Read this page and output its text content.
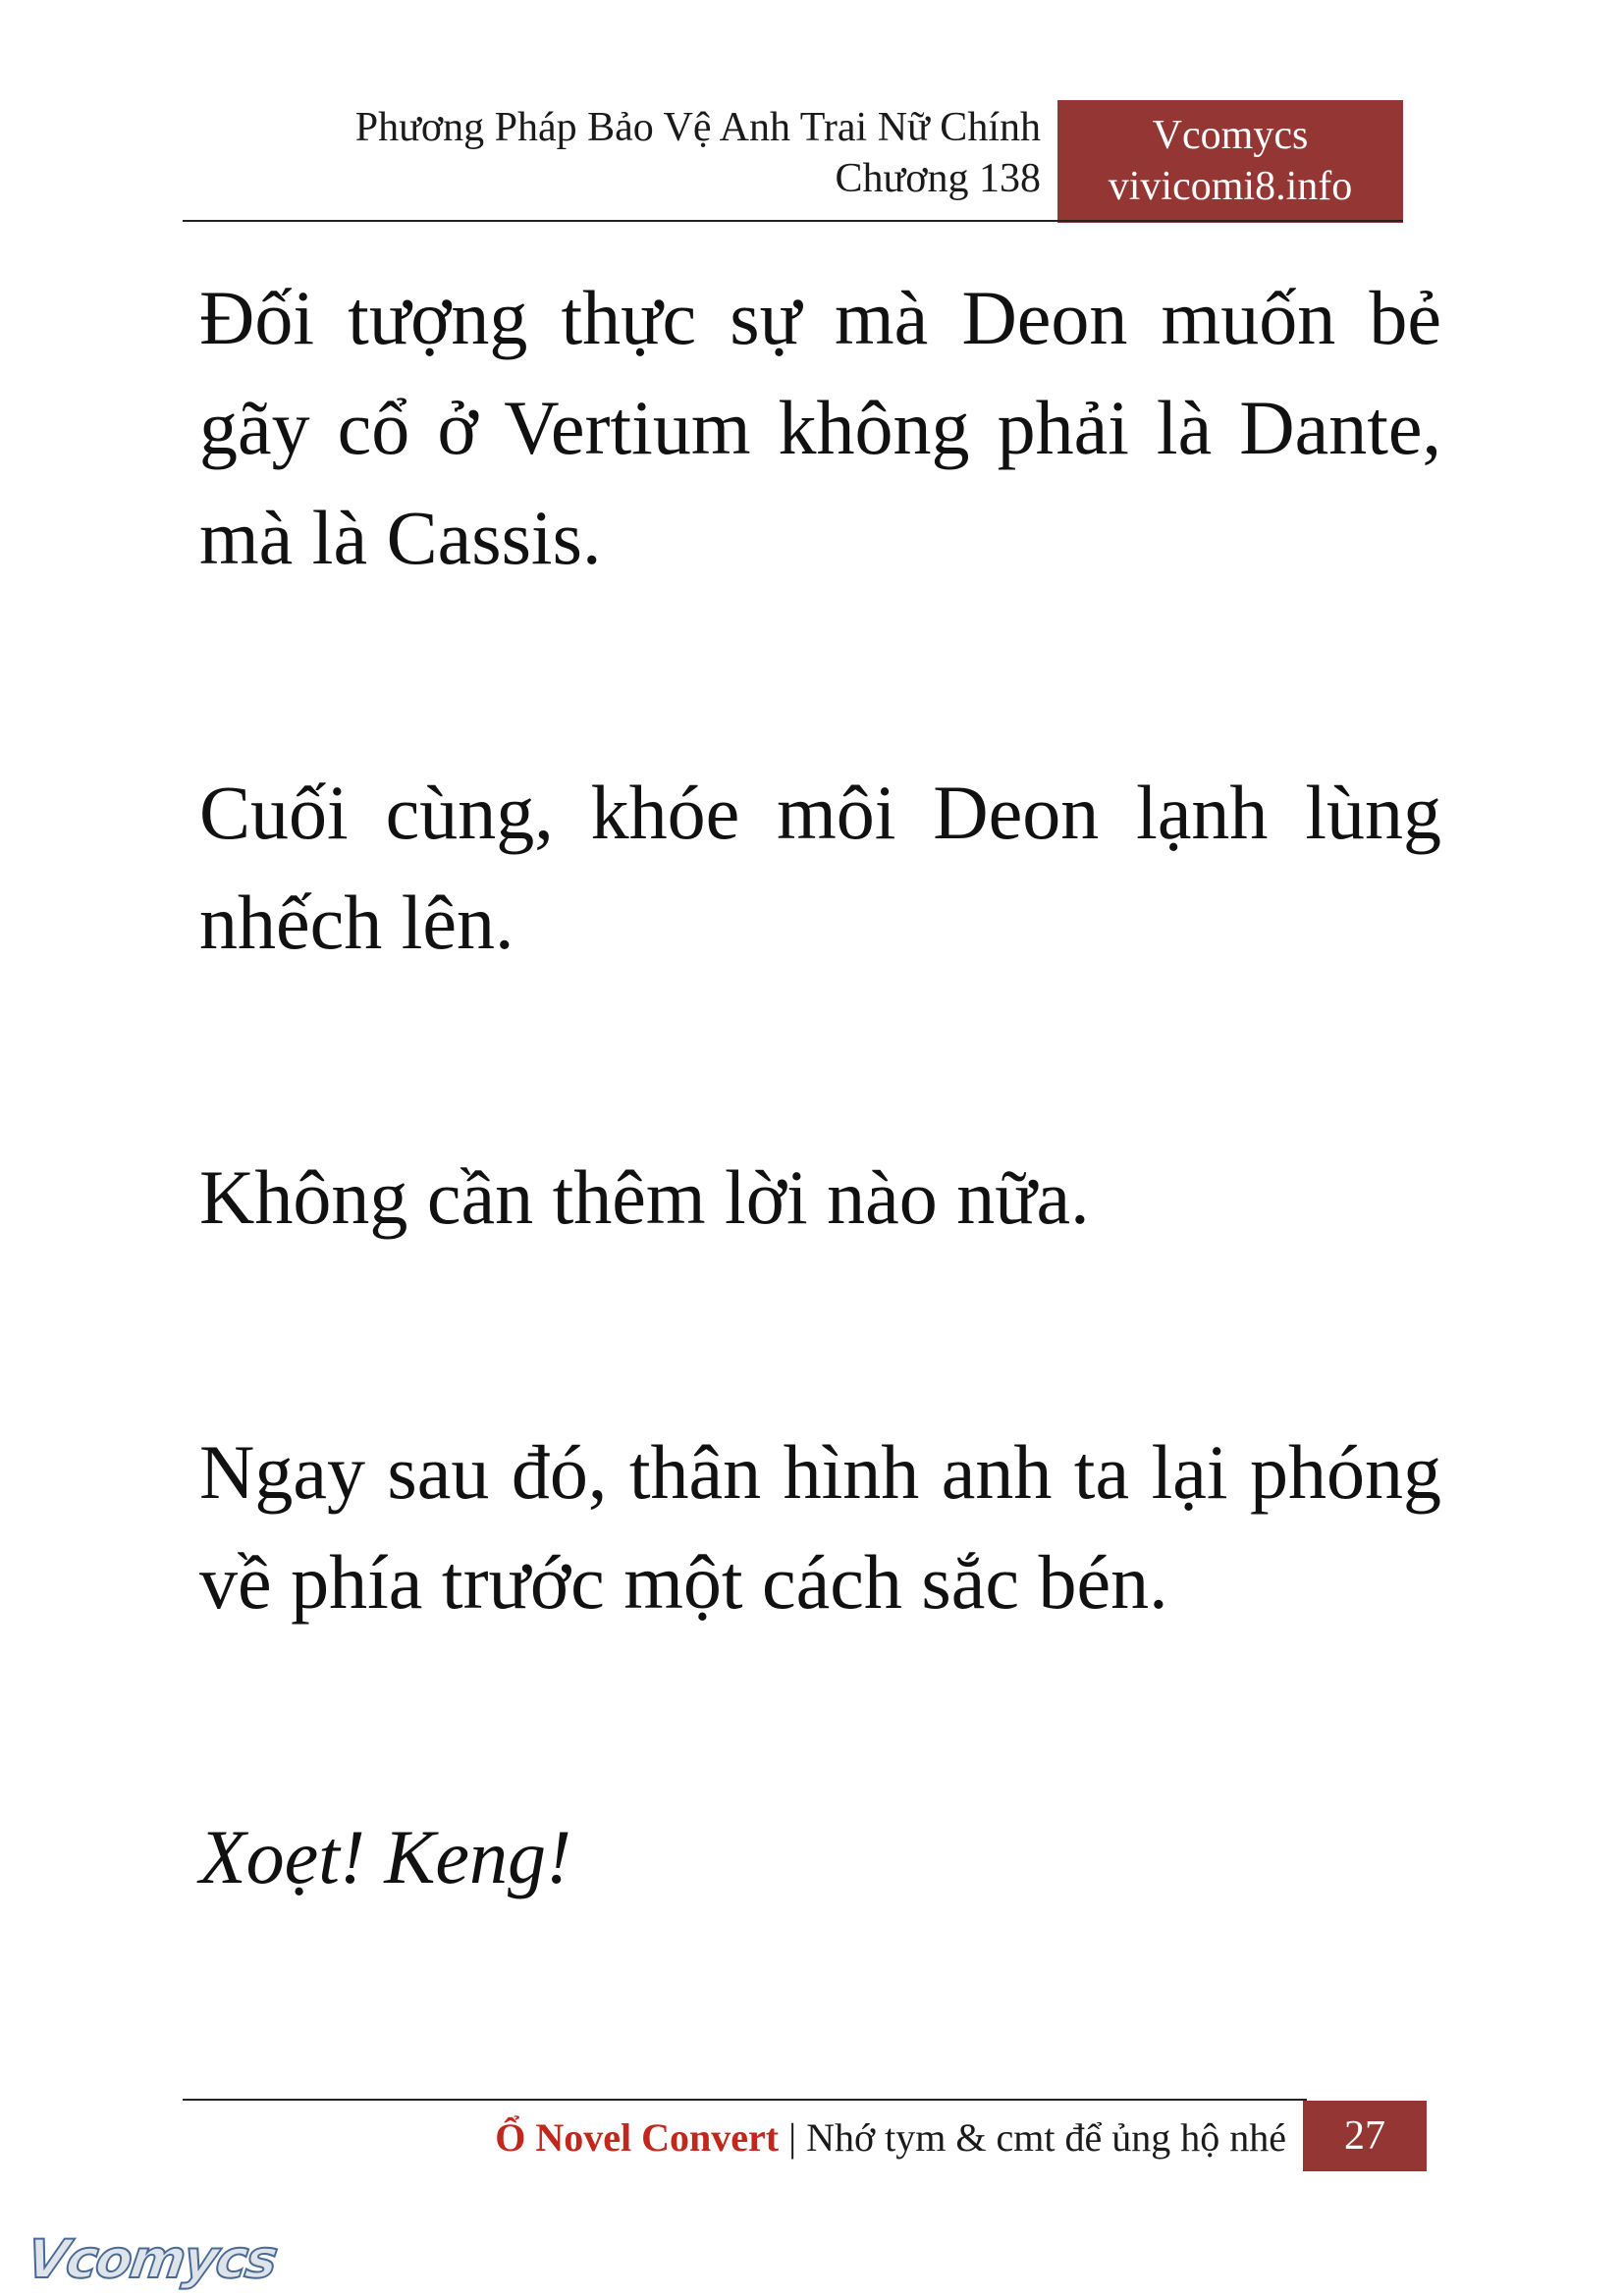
Phương Pháp Bảo Vệ Anh Trai Nữ Chính
Chương 138
Vcomycs
vivicomi8.info

Đối tượng thực sự mà Deon muốn bẻ gãy cổ ở Vertium không phải là Dante, mà là Cassis.

Cuối cùng, khóe môi Deon lạnh lùng nhếch lên.

Không cần thêm lời nào nữa.

Ngay sau đó, thân hình anh ta lại phóng về phía trước một cách sắc bén.

Xoẹt! Keng!

Ổ Novel Convert | Nhớ tym & cmt để ủng hộ nhé	27
Vcomycs
